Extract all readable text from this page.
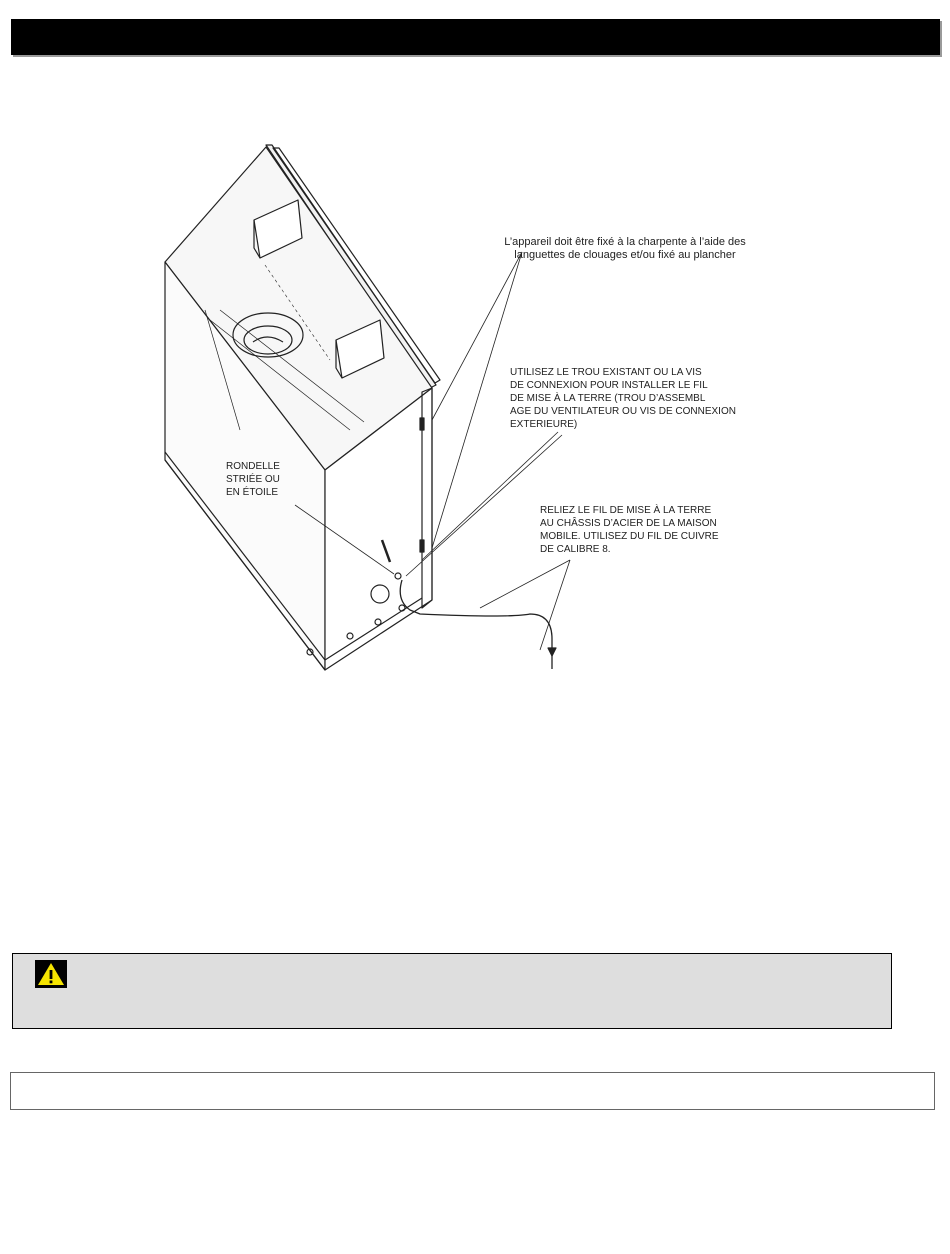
L’appareil doit être fixé à la charpente à l’aide des
languettes de clouages et/ou fixé au plancher
UTILISEZ LE TROU EXISTANT OU LA VIS
DE CONNEXION POUR INSTALLER LE FIL
DE MISE À LA TERRE (TROU D’ASSEMBL
AGE DU VENTILATEUR OU VIS DE CONNEXION
EXTERIEURE)
RONDELLE
STRIÉE OU
EN ÉTOILE
RELIEZ LE FIL DE MISE À LA TERRE
AU CHÂSSIS D’ACIER DE LA MAISON
MOBILE. UTILISEZ DU FIL DE CUIVRE
DE CALIBRE 8.
